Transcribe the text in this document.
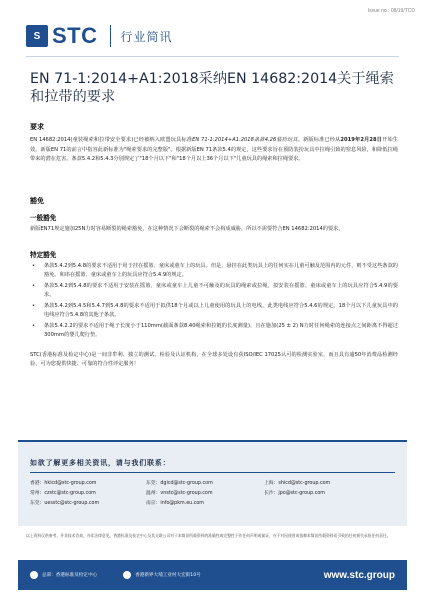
Issue no.: 08/19/TCD
S STC 行业简讯
EN 71-1:2014+A1:2018采纳EN 14682:2014关于绳索和拉带的要求
要求
EN 14682:2014(童装绳索和拉带安全要求)已经被纳入欧盟玩具标准EN 71-1:2014+A1:2018条款4.26装扮玩具。新版标准已经从2019年2月28日开始生效。新版EN 71的前言中指容此新标准为"绳索要求的完整版"。根据新版EN 71条款5.4的规定，这些要求旨在预防装扮玩具中拉绳引致的窒息风险，和降低拉绳带来的潜在危害。条款5.4.2和5.4.3分别规定了"18个月以下"和"18个月以上36个月以下"儿童玩具的绳索和拉绳要求。
豁免
一般豁免
新版EN71规定施加25N力时容易断裂的绳索豁免，在这种情况下会断裂的绳索不会构成威胁，所以不需要符合EN 14682:2014的要求。
特定豁免
• 条款5.4.2到5.4.8的要求不适用于用于挂在摇篮、童床或童车上的玩具。但是，悬挂在此类玩具上的任何实在儿童可触及范围内的元件，则不受这些条款的豁免。和串在摇篮、童床或童车上的玩具应符合5.4.9的规定。
• 条款5.4.2到5.4.8的要求不适用于安装在摇篮、童床或童车上儿童不可触及的玩具的绳索或拉绳，拟安装在摇篮、童床或童车上的玩具应符合5.4.9的要求。
• 条款5.4.2到5.4.5和5.4.7到5.4.8的要求不适用于拟供18个月或以上儿童使用的玩具上的电线。此类电线应符合5.4.6的规定。18个月以下儿童玩具中的电线应符合5.4.8的其他子条款。
• 条款5.4.2.2的要求不适用于绳子长度小于110mm(截面条款8.40绳索和拉链的长度测量)，且在施加(25 ± 2) N力时任何绳索的连接点之间距离不得超过300mm的婴儿爬行垫。
STC(香港标准及检定中心)是一间非牟利、独立的测试、检验及认证机构，在全球多处设有获ISO/IEC 17025认可的检测实验室，而且具有逾50年消费品检测经验，可为您提供快捷、可靠的符合性评定服务！
如欲了解更多相关资讯，请与我们联系：
香港：hkicd@stc-group.com
常州：czstc@stc-group.com
东莞：uesstc@stc-group.com
东莞：dgicd@stc-group.com
温州：vnstc@stc-group.com
南京：info@pkm.eu.com
上海：shicd@stc-group.com
长沙：jpo@stc-group.com
以上资料仅供参考，并非技术咨询，亦非法律意见。香港标准及检定中心及其关联公司对于本简讯所载资料的准确性或完整性不作任何声明或保证，亦不对因使用或依赖本简讯所载资料而引致的任何损失承担任何责任。
总部：香港标准及检定中心	香港新界大埔工业村大宏街10号	www.stc.group
